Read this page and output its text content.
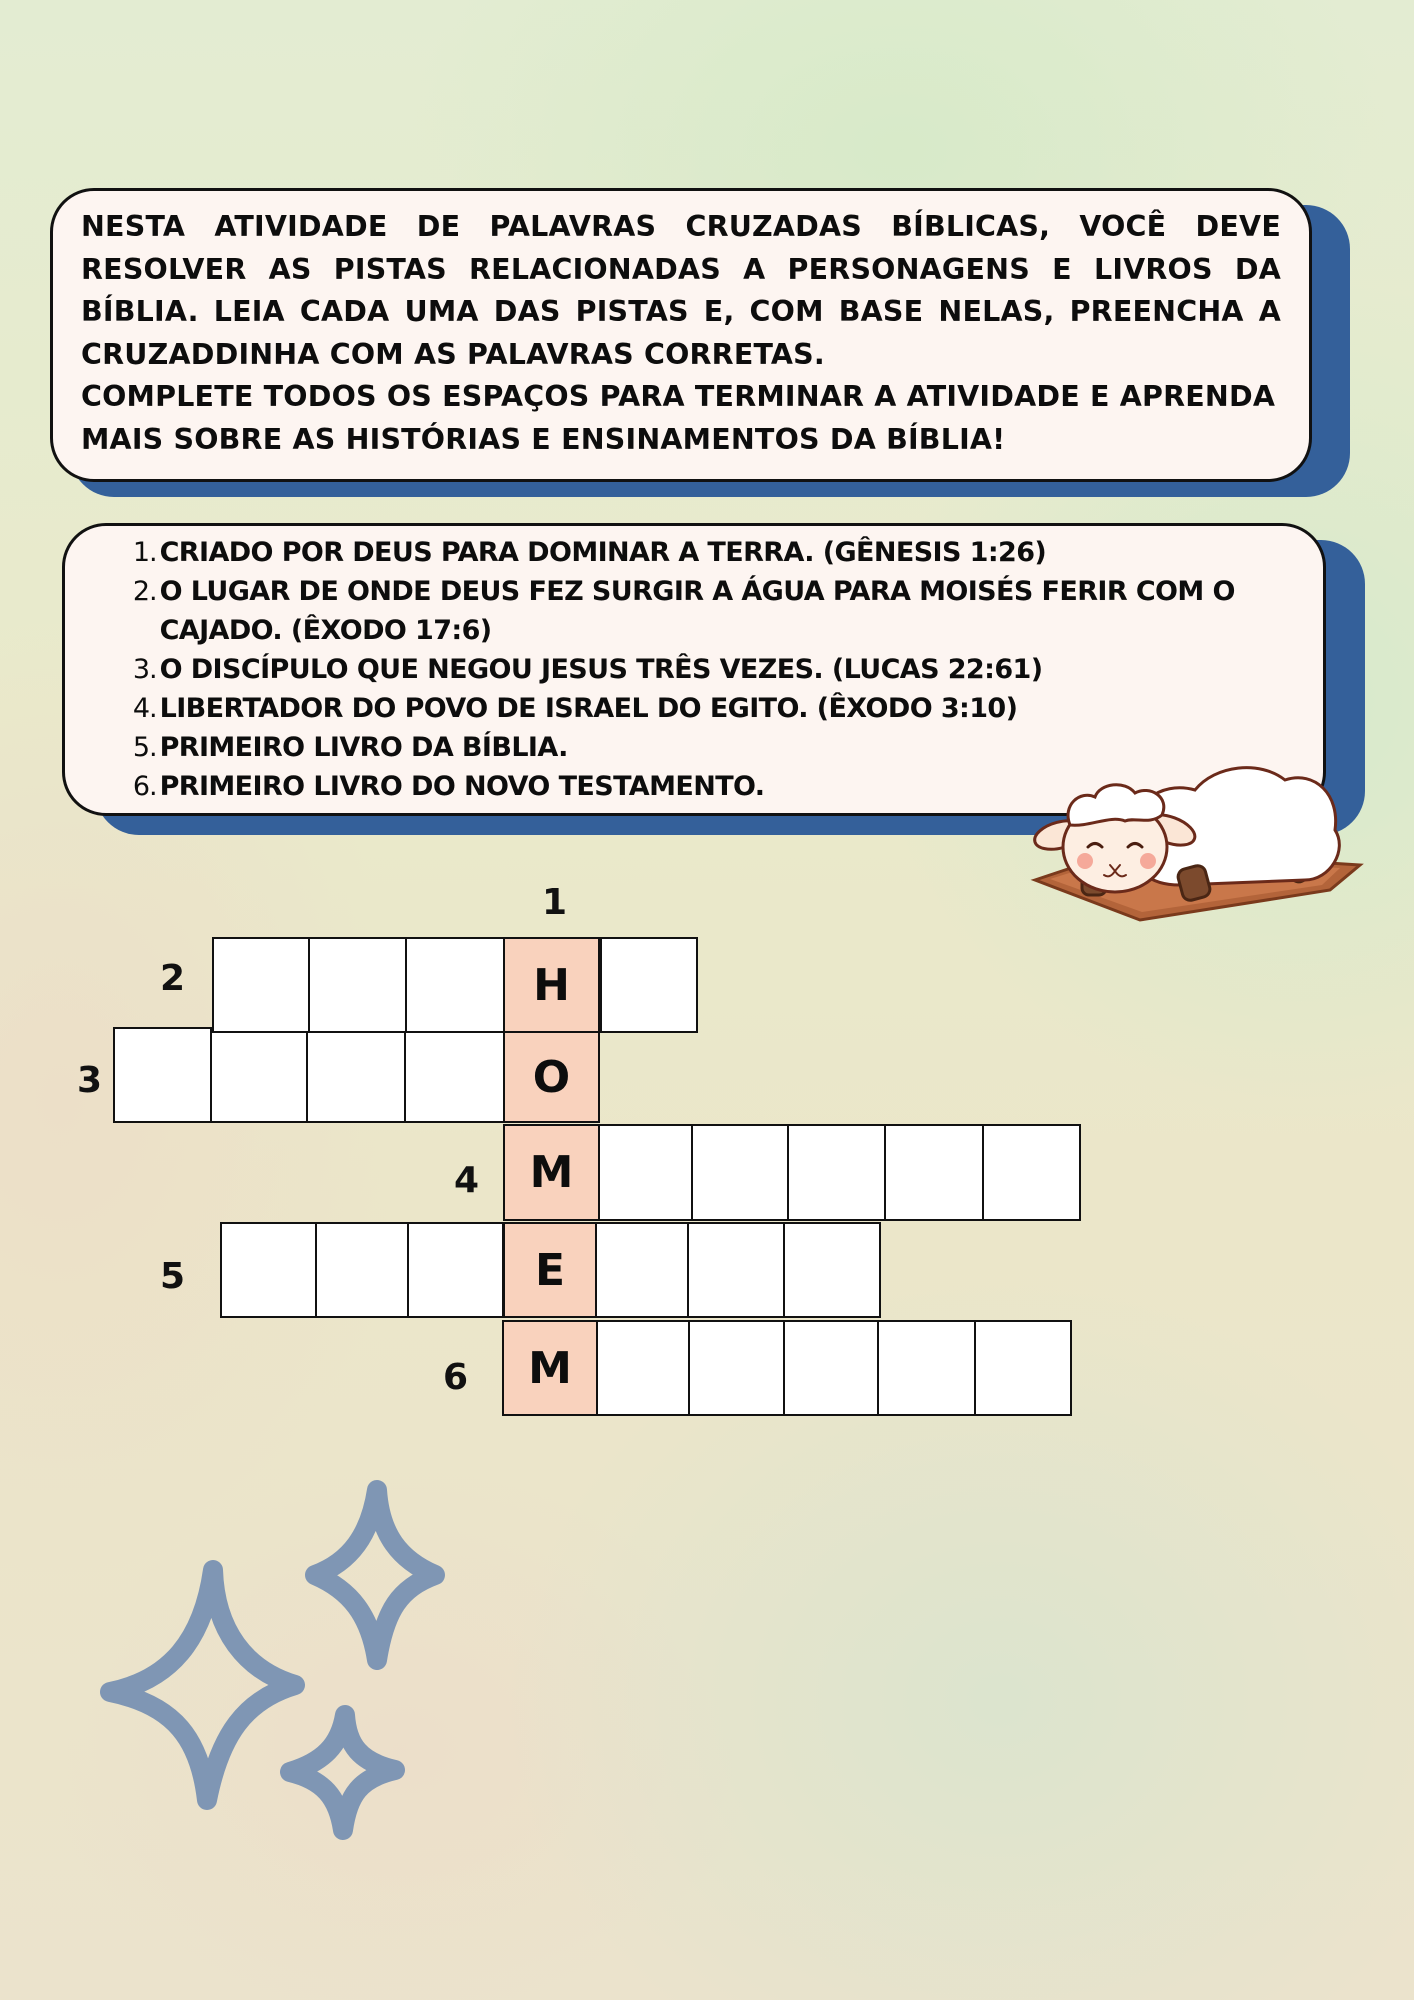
NESTA ATIVIDADE DE PALAVRAS CRUZADAS BÍBLICAS, VOCÊ DEVE RESOLVER AS PISTAS RELACIONADAS A PERSONAGENS E LIVROS DA BÍBLIA. LEIA CADA UMA DAS PISTAS E, COM BASE NELAS, PREENCHA A CRUZADDINHA COM AS PALAVRAS CORRETAS.

COMPLETE TODOS OS ESPAÇOS PARA TERMINAR A ATIVIDADE E APRENDA MAIS SOBRE AS HISTÓRIAS E ENSINAMENTOS DA BÍBLIA!

1 . CRIADO POR DEUS PARA DOMINAR A TERRA. (GÊNESIS 1:26)
2 . O LUGAR DE ONDE DEUS FEZ SURGIR A ÁGUA PARA MOISÉS FERIR COM O CAJADO. (ÊXODO 17:6)
3 . O DISCÍPULO QUE NEGOU JESUS TRÊS VEZES. (LUCAS 22:61)
4 . LIBERTADOR DO POVO DE ISRAEL DO EGITO. (ÊXODO 3:10)
5 . PRIMEIRO LIVRO DA BÍBLIA.
6 . PRIMEIRO LIVRO DO NOVO TESTAMENTO.
1
2	H
3	O
4	M
5	E
6	M
